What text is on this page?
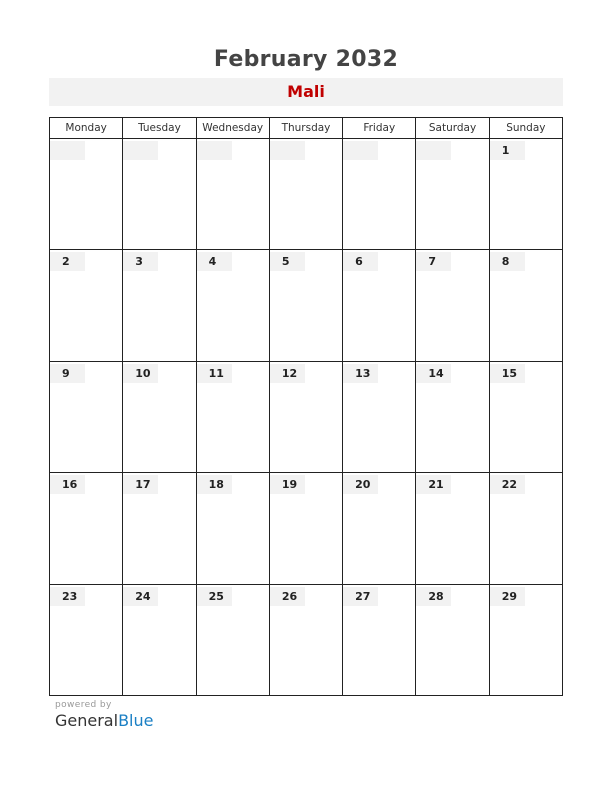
February 2032
Mali
Monday	Tuesday	Wednesday	Thursday	Friday	Saturday	Sunday

						1

2	3	4	5	6	7	8

9	10	11	12	13	14	15

16	17	18	19	20	21	22

23	24	25	26	27	28	29
powered by
GeneralBlue
